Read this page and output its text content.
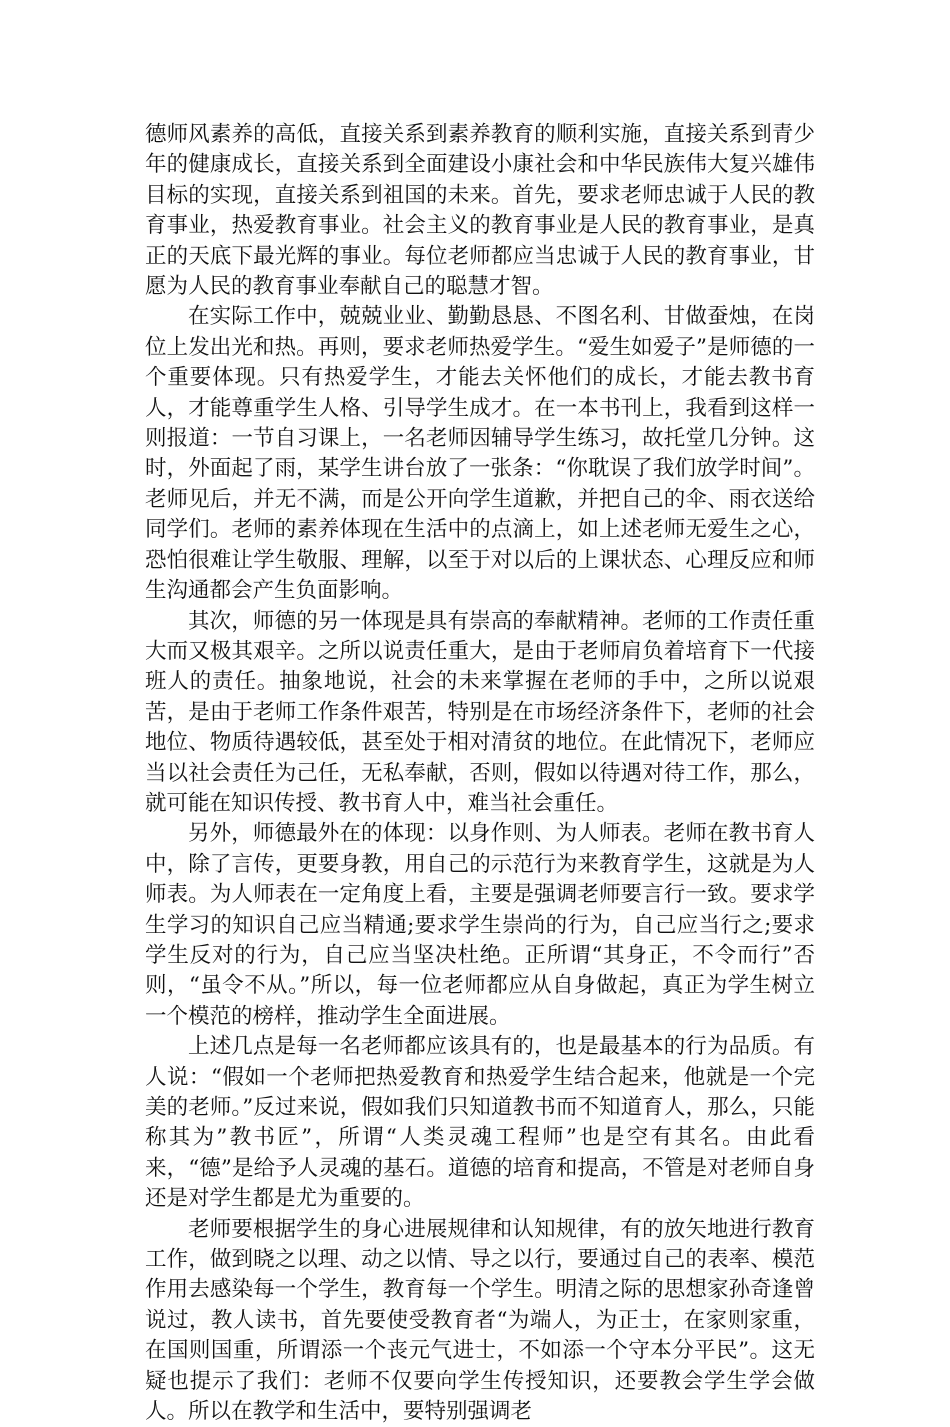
德师风素养的高低，直接关系到素养教育的顺利实施，直接关系到青少年的健康成长，直接关系到全面建设小康社会和中华民族伟大复兴雄伟目标的实现，直接关系到祖国的未来。首先，要求老师忠诚于人民的教育事业，热爱教育事业。社会主义的教育事业是人民的教育事业，是真正的天底下最光辉的事业。每位老师都应当忠诚于人民的教育事业，甘愿为人民的教育事业奉献自己的聪慧才智。

在实际工作中，兢兢业业、勤勤恳恳、不图名利、甘做蚕烛，在岗位上发出光和热。再则，要求老师热爱学生。“爱生如爱子”是师德的一个重要体现。只有热爱学生，才能去关怀他们的成长，才能去教书育人，才能尊重学生人格、引导学生成才。在一本书刊上，我看到这样一则报道：一节自习课上，一名老师因辅导学生练习，故托堂几分钟。这时，外面起了雨，某学生讲台放了一张条：“你耽误了我们放学时间”。老师见后，并无不满，而是公开向学生道歉，并把自己的伞、雨衣送给同学们。老师的素养体现在生活中的点滴上，如上述老师无爱生之心，恐怕很难让学生敬服、理解，以至于对以后的上课状态、心理反应和师生沟通都会产生负面影响。

其次，师德的另一体现是具有崇高的奉献精神。老师的工作责任重大而又极其艰辛。之所以说责任重大，是由于老师肩负着培育下一代接班人的责任。抽象地说，社会的未来掌握在老师的手中，之所以说艰苦，是由于老师工作条件艰苦，特别是在市场经济条件下，老师的社会地位、物质待遇较低，甚至处于相对清贫的地位。在此情况下，老师应当以社会责任为己任，无私奉献，否则，假如以待遇对待工作，那么，就可能在知识传授、教书育人中，难当社会重任。

另外，师德最外在的体现：以身作则、为人师表。老师在教书育人中，除了言传，更要身教，用自己的示范行为来教育学生，这就是为人师表。为人师表在一定角度上看，主要是强调老师要言行一致。要求学生学习的知识自己应当精通;要求学生崇尚的行为，自己应当行之;要求学生反对的行为，自己应当坚决杜绝。正所谓“其身正，不令而行”否则，“虽令不从。”所以，每一位老师都应从自身做起，真正为学生树立一个模范的榜样，推动学生全面进展。

上述几点是每一名老师都应该具有的，也是最基本的行为品质。有人说：“假如一个老师把热爱教育和热爱学生结合起来，他就是一个完美的老师。”反过来说，假如我们只知道教书而不知道育人，那么，只能称其为”教书匠”，所谓“人类灵魂工程师”也是空有其名。由此看来，“德”是给予人灵魂的基石。道德的培育和提高，不管是对老师自身还是对学生都是尤为重要的。

老师要根据学生的身心进展规律和认知规律，有的放矢地进行教育工作，做到晓之以理、动之以情、导之以行，要通过自己的表率、模范作用去感染每一个学生，教育每一个学生。明清之际的思想家孙奇逢曾说过，教人读书，首先要使受教育者“为端人，为正士，在家则家重，在国则国重，所谓添一个丧元气进士，不如添一个守本分平民”。这无疑也提示了我们：老师不仅要向学生传授知识，还要教会学生学会做人。所以在教学和生活中，要特别强调老
